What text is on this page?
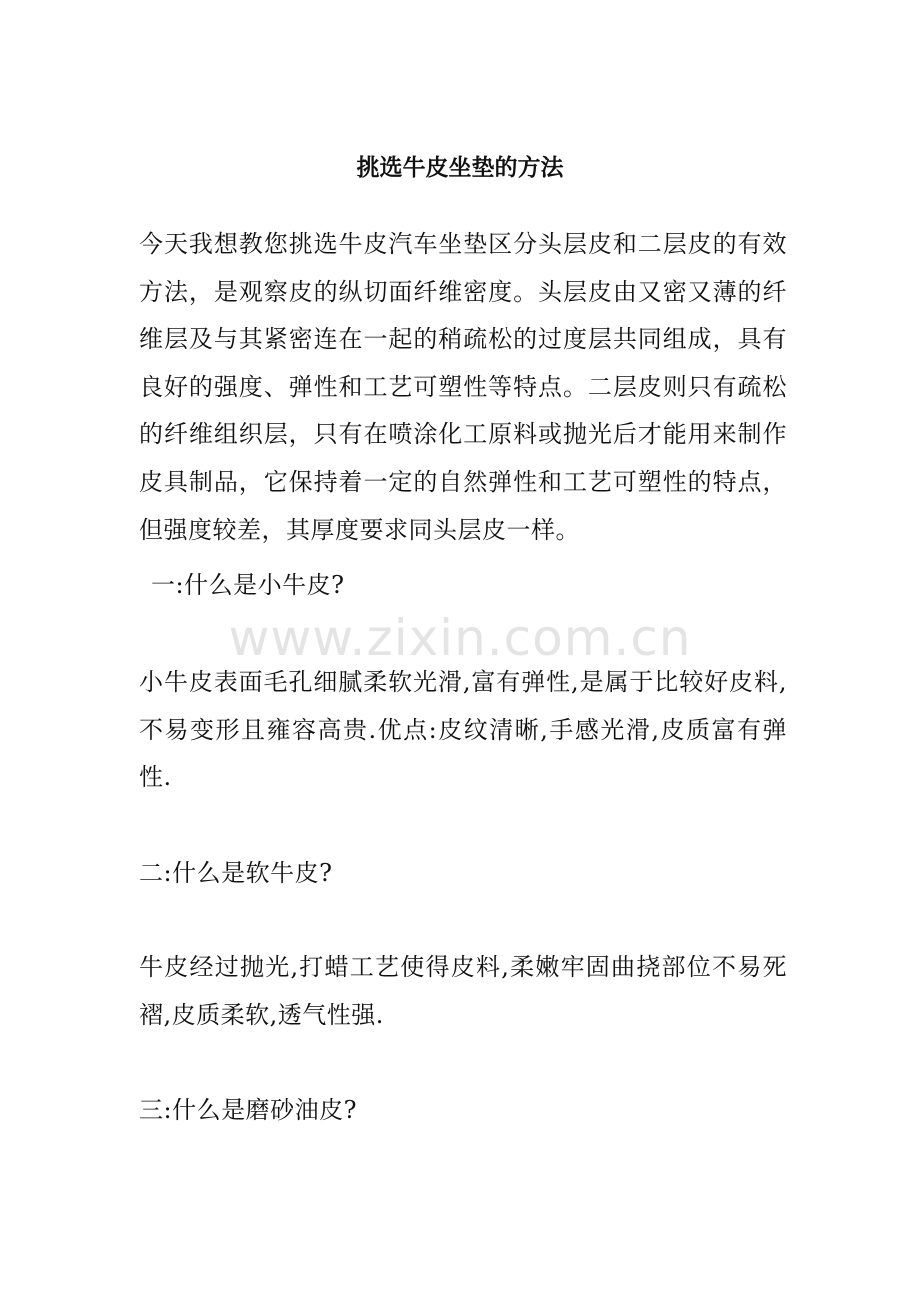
挑选牛皮坐垫的方法

今天我想教您挑选牛皮汽车坐垫区分头层皮和二层皮的有效方法，是观察皮的纵切面纤维密度。头层皮由又密又薄的纤维层及与其紧密连在一起的稍疏松的过度层共同组成，具有良好的强度、弹性和工艺可塑性等特点。二层皮则只有疏松的纤维组织层，只有在喷涂化工原料或抛光后才能用来制作皮具制品，它保持着一定的自然弹性和工艺可塑性的特点，但强度较差，其厚度要求同头层皮一样。

www.zixin.com.cn

一:什么是小牛皮?

小牛皮表面毛孔细腻柔软光滑,富有弹性,是属于比较好皮料,不易变形且雍容高贵.优点:皮纹清晰,手感光滑,皮质富有弹性.

二:什么是软牛皮?

牛皮经过抛光,打蜡工艺使得皮料,柔嫩牢固曲挠部位不易死褶,皮质柔软,透气性强.

三:什么是磨砂油皮?
